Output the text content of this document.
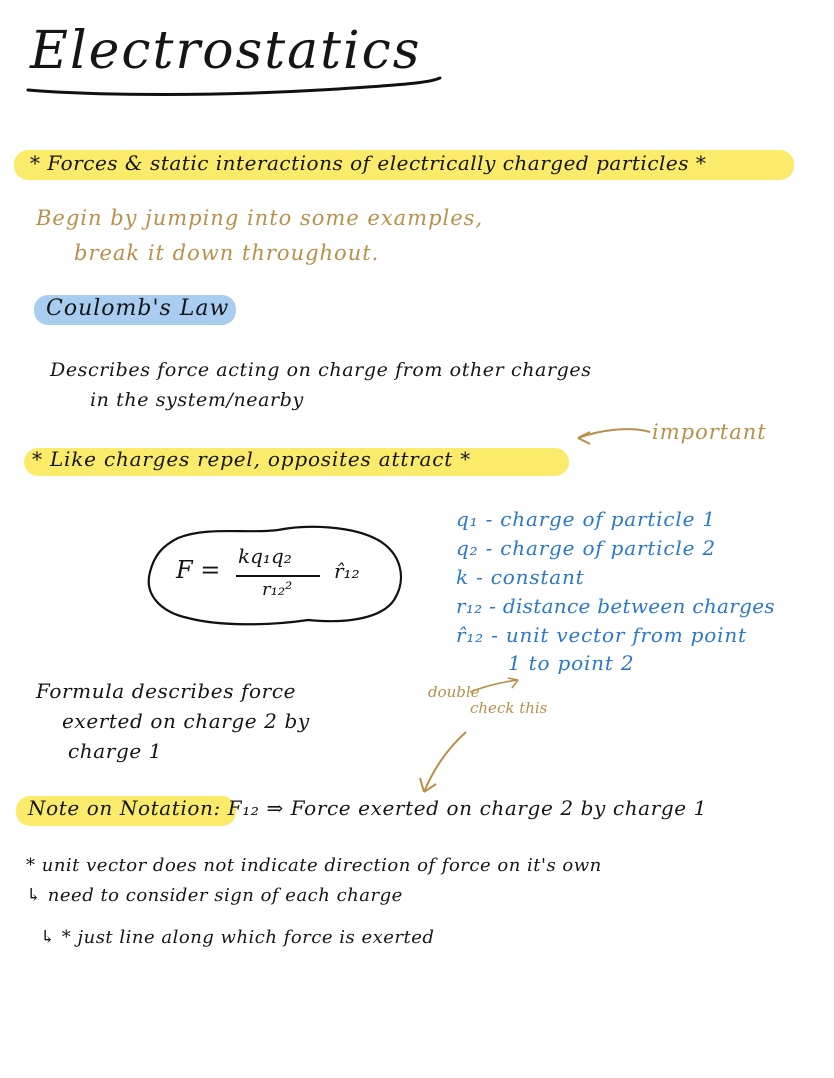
Electrostatics
* Forces & static interactions of electrically charged particles *
Begin by jumping into some examples,
break it down throughout.
Coulomb's Law
Describes force acting on charge from other charges
in the system/nearby
important
* Like charges repel, opposites attract *
F = kq₁q₂
r₁₂²
r̂₁₂
q₁ - charge of particle 1
q₂ - charge of particle 2
k - constant
r₁₂ - distance between charges
r̂₁₂ - unit vector from point
1 to point 2
Formula describes force
exerted on charge 2 by
charge 1
double
check this
Note on Notation: F₁₂ ⇒ Force exerted on charge 2 by charge 1
* unit vector does not indicate direction of force on it's own
↳ need to consider sign of each charge
↳ * just line along which force is exerted
